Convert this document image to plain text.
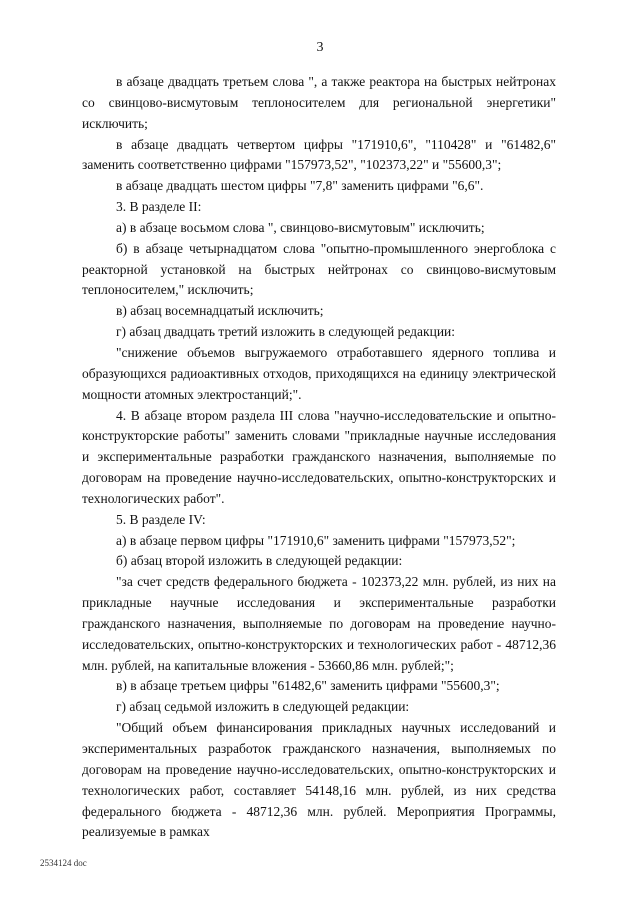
3

в абзаце двадцать третьем слова ", а также реактора на быстрых нейтронах со свинцово-висмутовым теплоносителем для региональной энергетики" исключить;

в абзаце двадцать четвертом цифры "171910,6", "110428" и "61482,6" заменить соответственно цифрами "157973,52", "102373,22" и "55600,3";

в абзаце двадцать шестом цифры "7,8" заменить цифрами "6,6".

3. В разделе II:

а) в абзаце восьмом слова ", свинцово-висмутовым" исключить;

б) в абзаце четырнадцатом слова "опытно-промышленного энергоблока с реакторной установкой на быстрых нейтронах со свинцово-висмутовым теплоносителем," исключить;

в) абзац восемнадцатый исключить;

г) абзац двадцать третий изложить в следующей редакции:

"снижение объемов выгружаемого отработавшего ядерного топлива и образующихся радиоактивных отходов, приходящихся на единицу электрической мощности атомных электростанций;".

4. В абзаце втором раздела III слова "научно-исследовательские и опытно-конструкторские работы" заменить словами "прикладные научные исследования и экспериментальные разработки гражданского назначения, выполняемые по договорам на проведение научно-исследовательских, опытно-конструкторских и технологических работ".

5. В разделе IV:

а) в абзаце первом цифры "171910,6" заменить цифрами "157973,52";

б) абзац второй изложить в следующей редакции:

"за счет средств федерального бюджета - 102373,22 млн. рублей, из них на прикладные научные исследования и экспериментальные разработки гражданского назначения, выполняемые по договорам на проведение научно-исследовательских, опытно-конструкторских и технологических работ - 48712,36 млн. рублей, на капитальные вложения - 53660,86 млн. рублей;";

в) в абзаце третьем цифры "61482,6" заменить цифрами "55600,3";

г) абзац седьмой изложить в следующей редакции:

"Общий объем финансирования прикладных научных исследований и экспериментальных разработок гражданского назначения, выполняемых по договорам на проведение научно-исследовательских, опытно-конструкторских и технологических работ, составляет 54148,16 млн. рублей, из них средства федерального бюджета - 48712,36 млн. рублей. Мероприятия Программы, реализуемые в рамках

2534124 doc
